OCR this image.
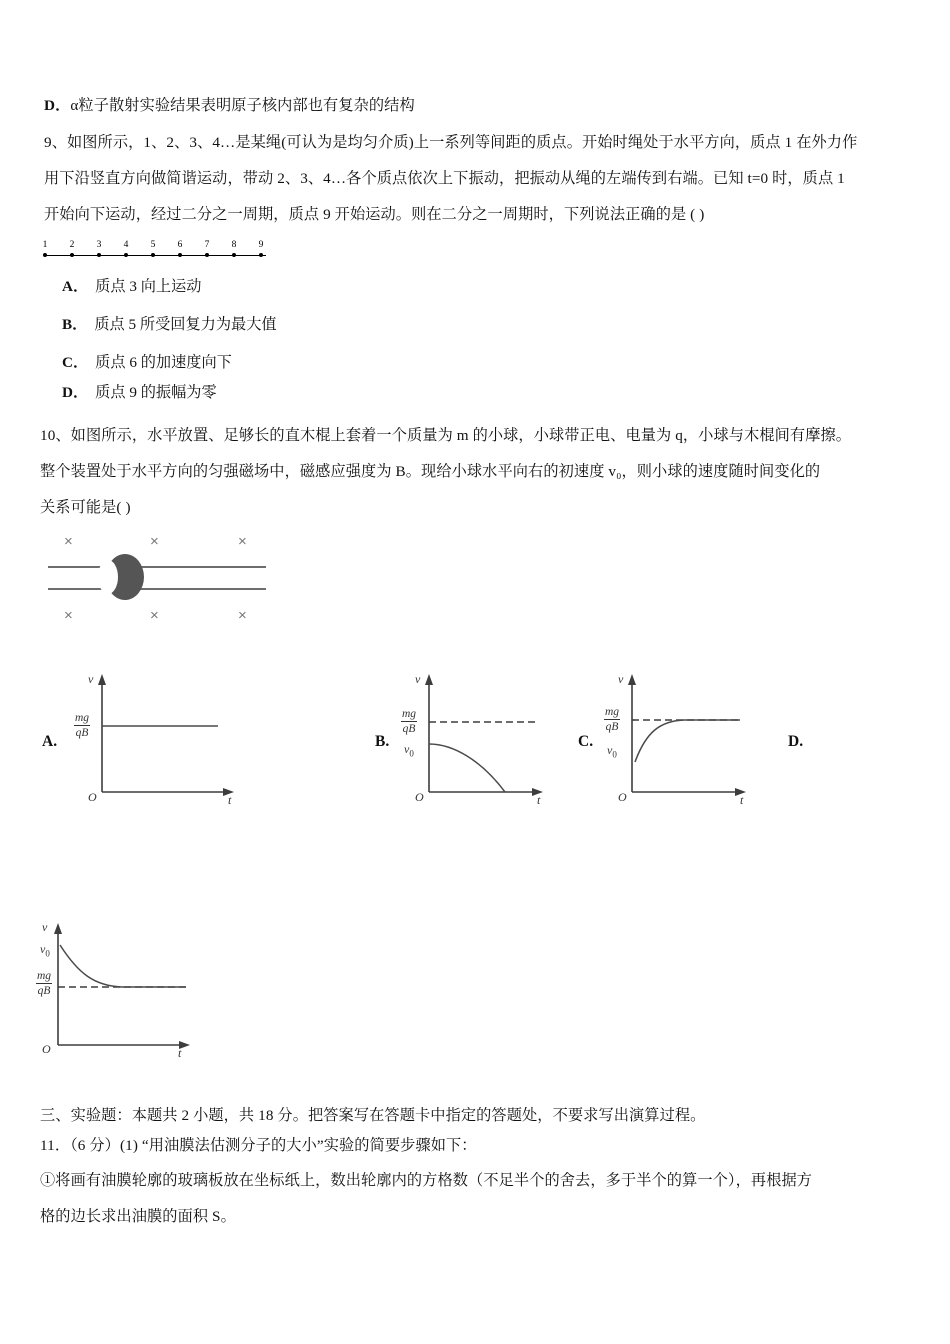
D．α粒子散射实验结果表明原子核内部也有复杂的结构
9、如图所示，1、2、3、4…是某绳(可认为是均匀介质)上一系列等间距的质点。开始时绳处于水平方向，质点 1 在外力作
用下沿竖直方向做简谐运动，带动 2、3、4…各个质点依次上下振动，把振动从绳的左端传到右端。已知 t=0 时，质点 1
开始向下运动，经过二分之一周期，质点 9 开始运动。则在二分之一周期时，下列说法正确的是 ( )
1	2	3	4	5	6	7	8	9
A． 质点 3 向上运动
B． 质点 5 所受回复力为最大值
C． 质点 6 的加速度向下
D． 质点 9 的振幅为零
10、如图所示，水平放置、足够长的直木棍上套着一个质量为 m 的小球，小球带正电、电量为 q，小球与木棍间有摩擦。
整个装置处于水平方向的匀强磁场中，磁感应强度为 B。现给小球水平向右的初速度 v₀，则小球的速度随时间变化的
关系可能是( )
×	×	×
×	×	×
A.
v
O	t
mg
qB	B.
v
O	t
mg
qB
$v_0$
C.
v
O	t
mg
qB
$v_0$
D.
v
O	t
$v_0$
mg
qB
三、实验题：本题共 2 小题，共 18 分。把答案写在答题卡中指定的答题处，不要求写出演算过程。
11．（6 分）(1) “用油膜法估测分子的大小”实验的简要步骤如下：
①将画有油膜轮廓的玻璃板放在坐标纸上，数出轮廓内的方格数（不足半个的舍去，多于半个的算一个），再根据方
格的边长求出油膜的面积 S。
